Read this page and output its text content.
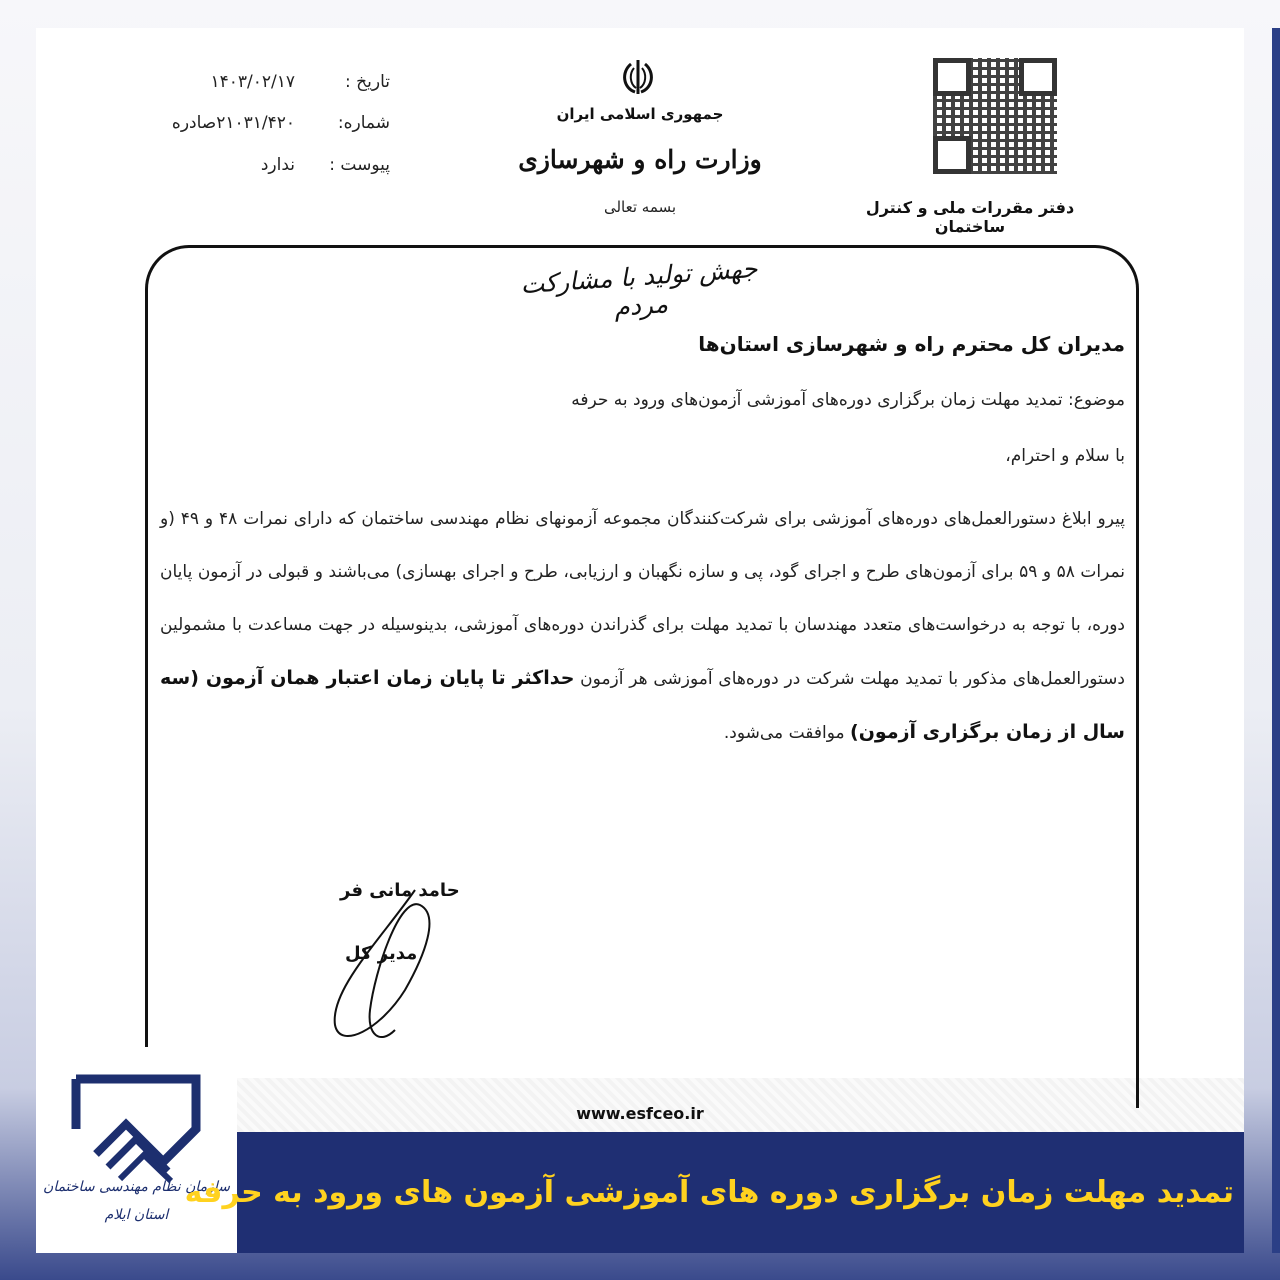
تاریخ :
۱۴۰۳/۰۲/۱۷
شماره:
۲۱۰۳۱/۴۲۰صادره
پیوست :
ندارد
جمهوری اسلامی ایران
وزارت راه و شهرسازی
بسمه تعالی	دفتر مقررات ملی و کنترل ساختمان
جهش تولید با مشارکت مردم
مدیران کل محترم راه و شهرسازی استان‌ها
موضوع: تمدید مهلت زمان برگزاری دوره‌های آموزشی آزمون‌های ورود به حرفه
با سلام و احترام،
پیرو ابلاغ دستورالعمل‌های دوره‌های آموزشی برای شرکت‌کنندگان مجموعه آزمونهای نظام مهندسی ساختمان که دارای نمرات ۴۸ و ۴۹ (و نمرات ۵۸ و ۵۹ برای آزمون‌های طرح و اجرای گود، پی و سازه نگهبان و ارزیابی، طرح و اجرای بهسازی) می‌باشند و قبولی در آزمون پایان دوره، با توجه به درخواست‌های متعدد مهندسان با تمدید مهلت برای گذراندن دوره‌های آموزشی، بدینوسیله در جهت مساعدت با مشمولین دستورالعمل‌های مذکور با تمدید مهلت شرکت در دوره‌های آموزشی هر آزمون حداکثر تا پایان زمان اعتبار همان آزمون (سه سال از زمان برگزاری آزمون) موافقت می‌شود.
حامد مانی فر
مدیر کل
www.esfceo.ir
سازمان نظام مهندسی ساختمان
استان ایلام
تمدید مهلت زمان برگزاری دوره های آموزشی آزمون های ورود به حرفه
